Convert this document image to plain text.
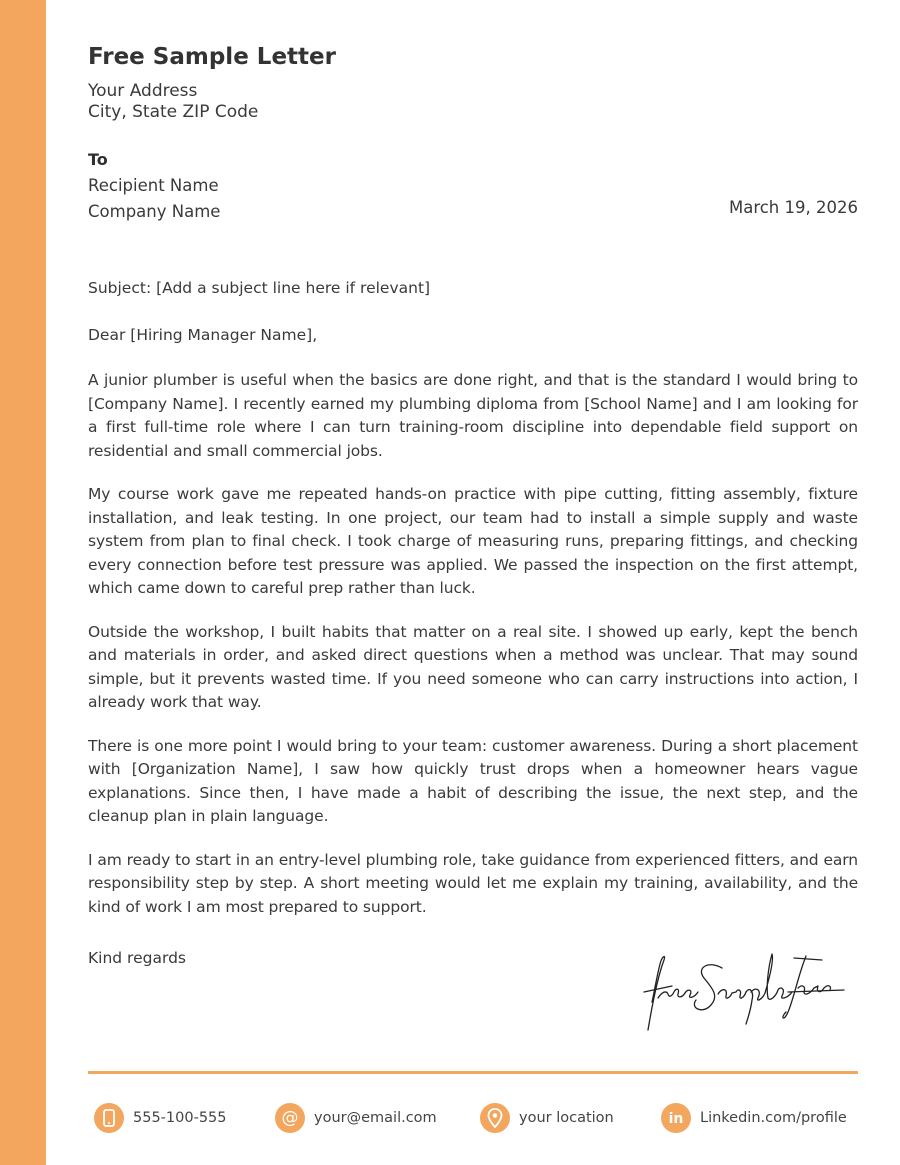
Free Sample Letter
Your Address
City, State ZIP Code
To
Recipient Name
Company Name	March 19, 2026
Subject: [Add a subject line here if relevant]
Dear [Hiring Manager Name],

A junior plumber is useful when the basics are done right, and that is the standard I would bring to [Company Name]. I recently earned my plumbing diploma from [School Name] and I am looking for a first full-time role where I can turn training-room discipline into dependable field support on residential and small commercial jobs.

My course work gave me repeated hands-on practice with pipe cutting, fitting assembly, fixture installation, and leak testing. In one project, our team had to install a simple supply and waste system from plan to final check. I took charge of measuring runs, preparing fittings, and checking every connection before test pressure was applied. We passed the inspection on the first attempt, which came down to careful prep rather than luck.

Outside the workshop, I built habits that matter on a real site. I showed up early, kept the bench and materials in order, and asked direct questions when a method was unclear. That may sound simple, but it prevents wasted time. If you need someone who can carry instructions into action, I already work that way.

There is one more point I would bring to your team: customer awareness. During a short placement with [Organization Name], I saw how quickly trust drops when a homeowner hears vague explanations. Since then, I have made a habit of describing the issue, the next step, and the cleanup plan in plain language.

I am ready to start in an entry-level plumbing role, take guidance from experienced fitters, and earn responsibility step by step. A short meeting would let me explain my training, availability, and the kind of work I am most prepared to support.

Kind regards
555-100-555	@ your@email.com	your location	in Linkedin.com/profile
